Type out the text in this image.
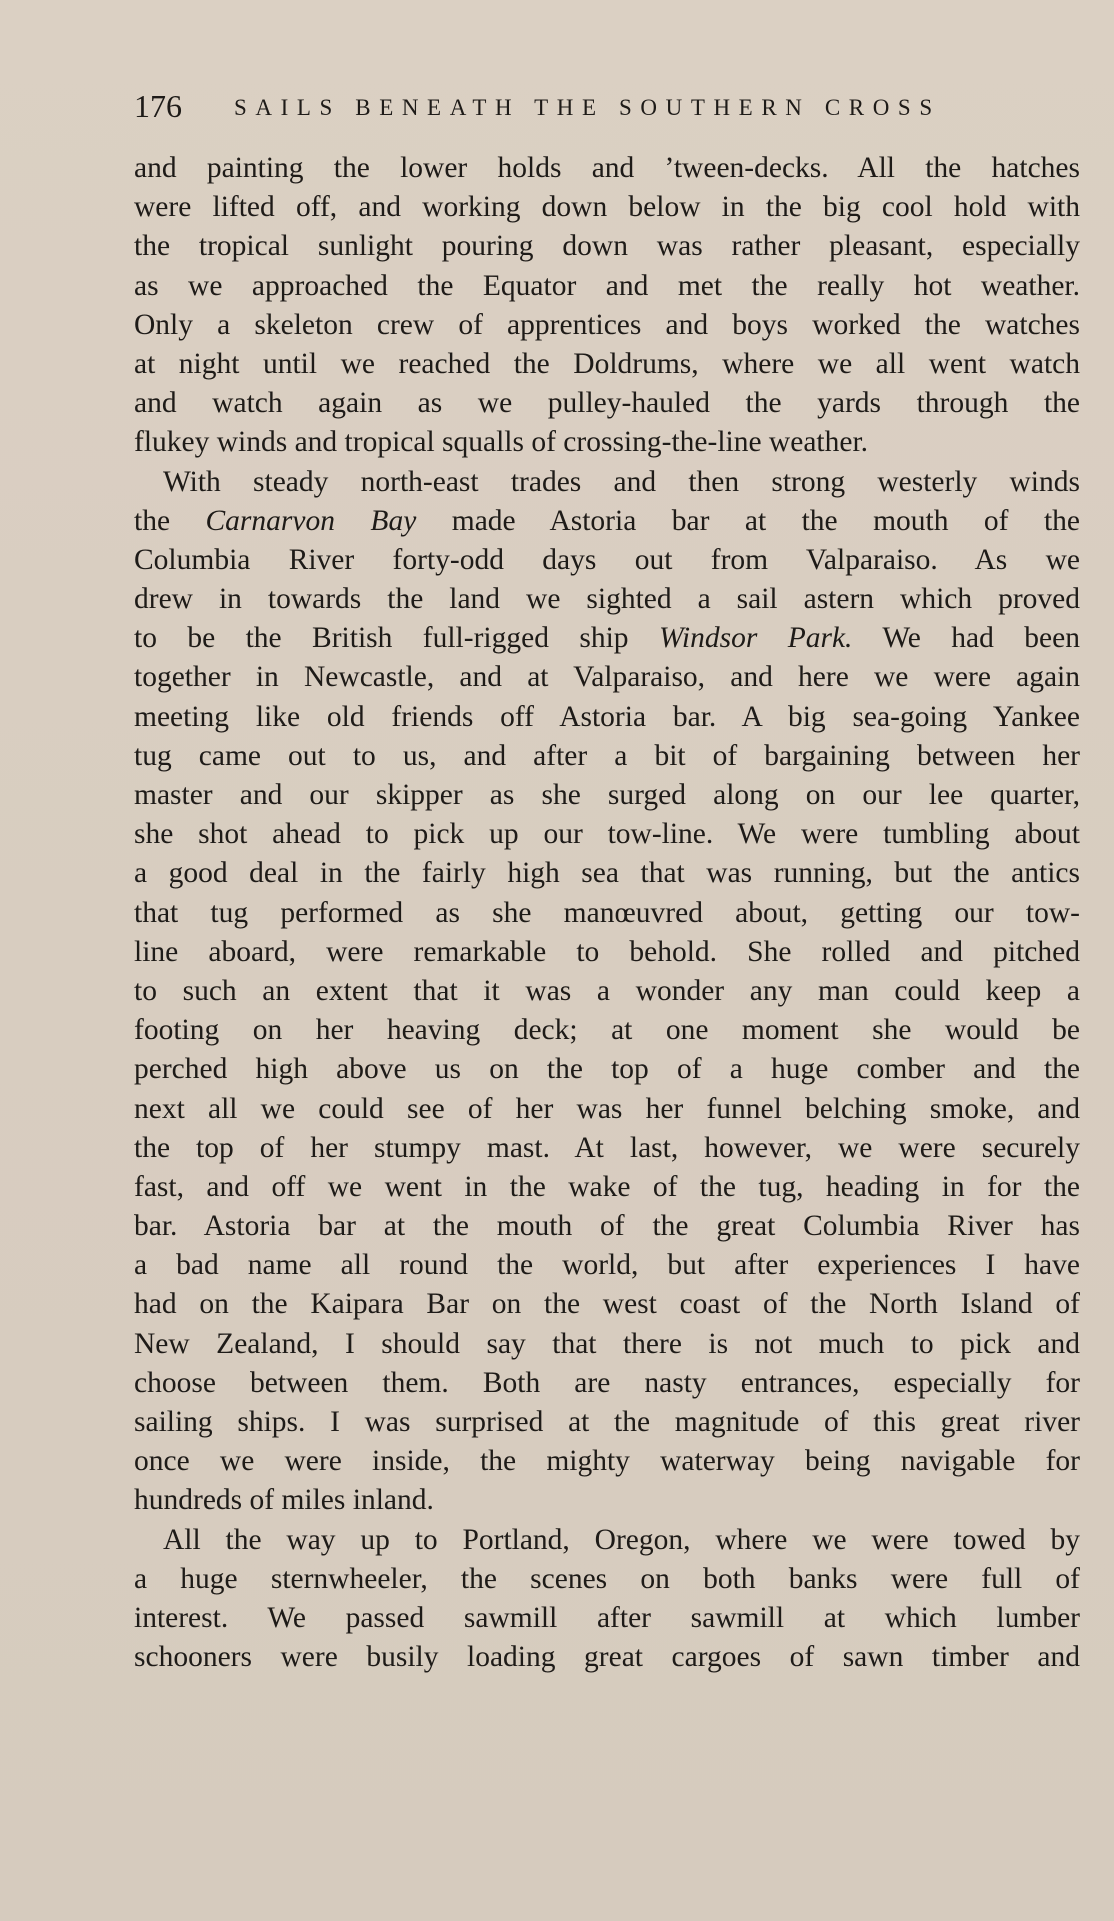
176 SAILS BENEATH THE SOUTHERN CROSS
and painting the lower holds and ’tween-decks. All the hatches
were lifted off, and working down below in the big cool hold with
the tropical sunlight pouring down was rather pleasant, especially
as we approached the Equator and met the really hot weather.
Only a skeleton crew of apprentices and boys worked the watches
at night until we reached the Doldrums, where we all went watch
and watch again as we pulley-hauled the yards through the
flukey winds and tropical squalls of crossing-the-line weather.
With steady north-east trades and then strong westerly winds
the Carnarvon Bay made Astoria bar at the mouth of the
Columbia River forty-odd days out from Valparaiso. As we
drew in towards the land we sighted a sail astern which proved
to be the British full-rigged ship Windsor Park. We had been
together in Newcastle, and at Valparaiso, and here we were again
meeting like old friends off Astoria bar. A big sea-going Yankee
tug came out to us, and after a bit of bargaining between her
master and our skipper as she surged along on our lee quarter,
she shot ahead to pick up our tow-line. We were tumbling about
a good deal in the fairly high sea that was running, but the antics
that tug performed as she manœuvred about, getting our tow-
line aboard, were remarkable to behold. She rolled and pitched
to such an extent that it was a wonder any man could keep a
footing on her heaving deck; at one moment she would be
perched high above us on the top of a huge comber and the
next all we could see of her was her funnel belching smoke, and
the top of her stumpy mast. At last, however, we were securely
fast, and off we went in the wake of the tug, heading in for the
bar. Astoria bar at the mouth of the great Columbia River has
a bad name all round the world, but after experiences I have
had on the Kaipara Bar on the west coast of the North Island of
New Zealand, I should say that there is not much to pick and
choose between them. Both are nasty entrances, especially for
sailing ships. I was surprised at the magnitude of this great river
once we were inside, the mighty waterway being navigable for
hundreds of miles inland.
All the way up to Portland, Oregon, where we were towed by
a huge sternwheeler, the scenes on both banks were full of
interest. We passed sawmill after sawmill at which lumber
schooners were busily loading great cargoes of sawn timber and
